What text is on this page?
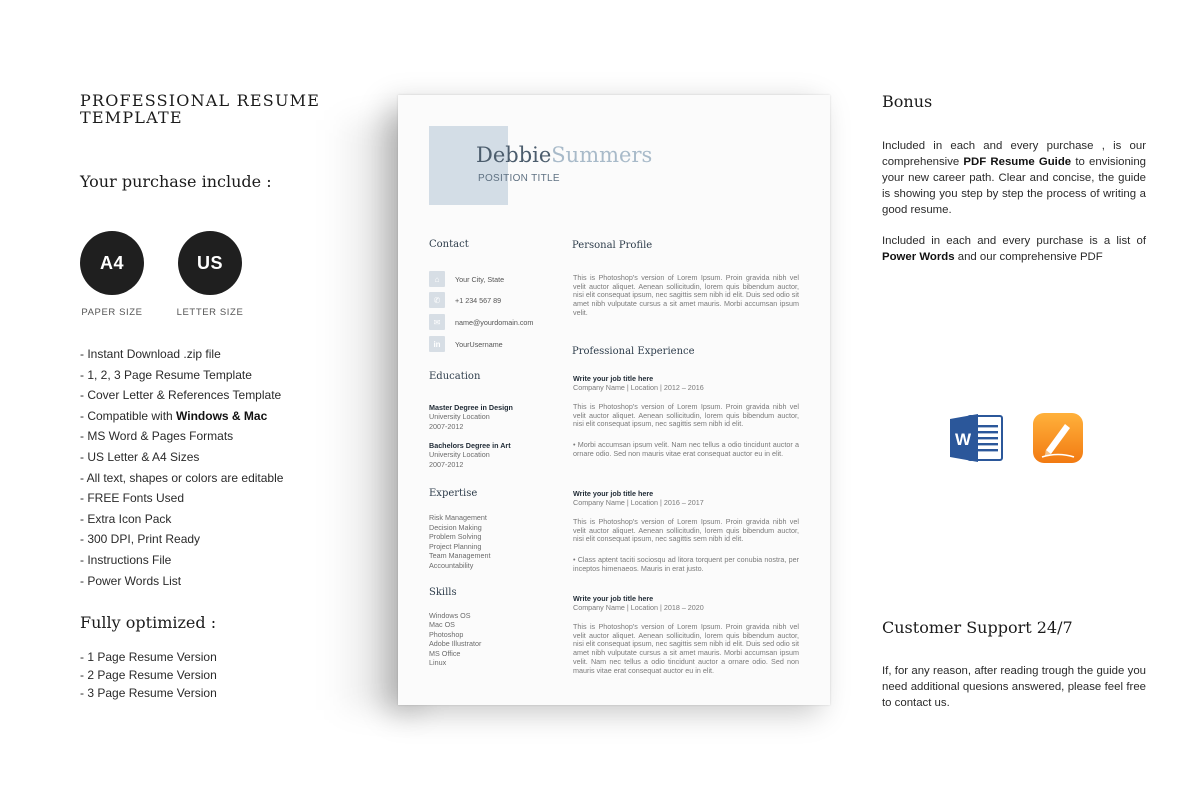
PROFESSIONAL RESUME TEMPLATE
Your purchase include :
A4
PAPER SIZE
US
LETTER SIZE
- Instant Download .zip file
- 1, 2, 3 Page Resume Template
- Cover Letter & References Template
- Compatible with Windows & Mac
- MS Word & Pages Formats
- US Letter & A4 Sizes
- All text, shapes or colors are editable
- FREE Fonts Used
- Extra Icon Pack
- 300 DPI, Print Ready
- Instructions File
- Power Words List
Fully optimized :
- 1 Page Resume Version
- 2 Page Resume Version
- 3 Page Resume Version
DebbieSummers
POSITION TITLE
Contact
⌂ Your City, State
✆ +1 234 567 89
✉ name@yourdomain.com
in YourUsername
Education
Master Degree in Design
University Location
2007-2012
Bachelors Degree in Art
University Location
2007-2012
Expertise
Risk Management
Decision Making
Problem Solving
Project Planning
Team Management
Accountability
Skills
Windows OS
Mac OS
Photoshop
Adobe Illustrator
MS Office
Linux
Personal Profile
This is Photoshop's version of Lorem Ipsum. Proin gravida nibh vel velit auctor aliquet. Aenean sollicitudin, lorem quis bibendum auctor, nisi elit consequat ipsum, nec sagittis sem nibh id elit. Duis sed odio sit amet nibh vulputate cursus a sit amet mauris. Morbi accumsan ipsum velit.
Professional Experience
Write your job title here
Company Name | Location | 2012 – 2016
This is Photoshop's version of Lorem Ipsum. Proin gravida nibh vel velit auctor aliquet. Aenean sollicitudin, lorem quis bibendum auctor, nisi elit consequat ipsum, nec sagittis sem nibh id elit.
• Morbi accumsan ipsum velit. Nam nec tellus a odio tincidunt auctor a ornare odio. Sed non mauris vitae erat consequat auctor eu in elit.
Write your job title here
Company Name | Location | 2016 – 2017
This is Photoshop's version of Lorem Ipsum. Proin gravida nibh vel velit auctor aliquet. Aenean sollicitudin, lorem quis bibendum auctor, nisi elit consequat ipsum, nec sagittis sem nibh id elit.
• Class aptent taciti sociosqu ad litora torquent per conubia nostra, per inceptos himenaeos. Mauris in erat justo.
Write your job title here
Company Name | Location | 2018 – 2020
This is Photoshop's version of Lorem Ipsum. Proin gravida nibh vel velit auctor aliquet. Aenean sollicitudin, lorem quis bibendum auctor, nisi elit consequat ipsum, nec sagittis sem nibh id elit. Duis sed odio sit amet nibh vulputate cursus a sit amet mauris. Morbi accumsan ipsum velit. Nam nec tellus a odio tincidunt auctor a ornare odio. Sed non mauris vitae erat consequat auctor eu in elit.
Bonus

Included in each and every purchase , is our comprehensive PDF Resume Guide to envisioning your new career path. Clear and concise, the guide is showing you step by step the process of writing a good resume.

Included in each and every purchase is a list of Power Words and our comprehensive PDF

W
Customer Support 24/7

If, for any reason, after reading trough the guide you need additional quesions answered, please feel free to contact us.
